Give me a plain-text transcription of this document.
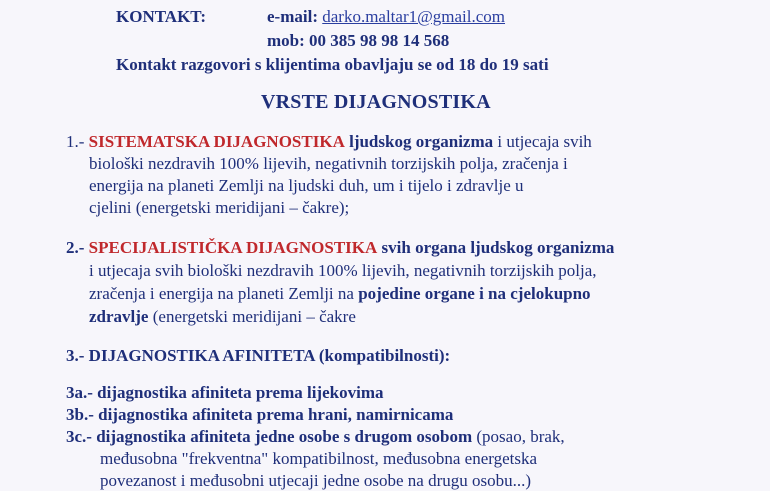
KONTAKT:	e-mail: darko.maltar1@gmail.com
mob: 00 385 98 98 14 568
Kontakt razgovori s klijentima obavljaju se od 18 do 19 sati
VRSTE DIJAGNOSTIKA
1.- SISTEMATSKA DIJAGNOSTIKA ljudskog organizma i utjecaja svih
biološki nezdravih 100% lijevih, negativnih torzijskih polja, zračenja i
energija na planeti Zemlji na ljudski duh, um i tijelo i zdravlje u
cjelini (energetski meridijani – čakre);
2.- SPECIJALISTIČKA DIJAGNOSTIKA svih organa ljudskog organizma
i utjecaja svih biološki nezdravih 100% lijevih, negativnih torzijskih polja,
zračenja i energija na planeti Zemlji na pojedine organe i na cjelokupno
zdravlje (energetski meridijani – čakre
3.- DIJAGNOSTIKA AFINITETA (kompatibilnosti):
3a.- dijagnostika afiniteta prema lijekovima
3b.- dijagnostika afiniteta prema hrani, namirnicama
3c.- dijagnostika afiniteta jedne osobe s drugom osobom (posao, brak,
međusobna "frekventna" kompatibilnost, međusobna energetska
povezanost i međusobni utjecaji jedne osobe na drugu osobu...)
